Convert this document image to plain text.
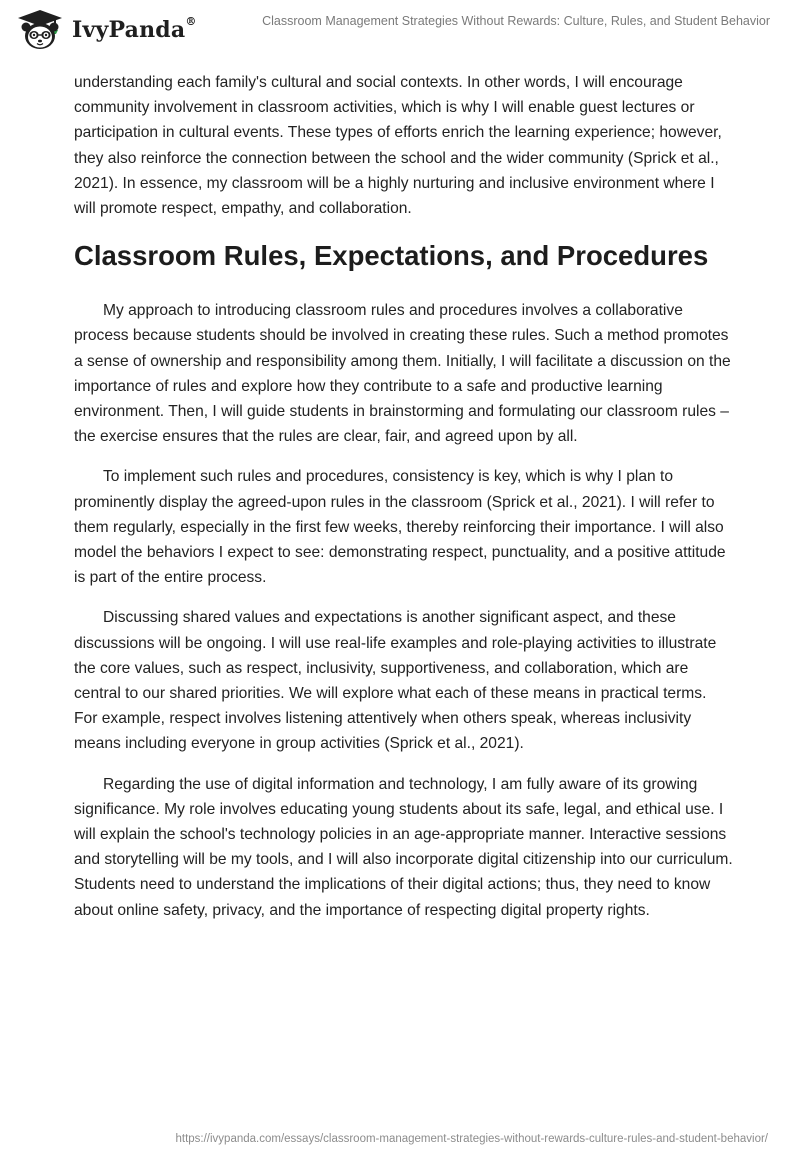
IvyPanda®	Classroom Management Strategies Without Rewards: Culture, Rules, and Student Behavior

understanding each family's cultural and social contexts. In other words, I will encourage community involvement in classroom activities, which is why I will enable guest lectures or participation in cultural events. These types of efforts enrich the learning experience; however, they also reinforce the connection between the school and the wider community (Sprick et al., 2021). In essence, my classroom will be a highly nurturing and inclusive environment where I will promote respect, empathy, and collaboration.

Classroom Rules, Expectations, and Procedures

My approach to introducing classroom rules and procedures involves a collaborative process because students should be involved in creating these rules. Such a method promotes a sense of ownership and responsibility among them. Initially, I will facilitate a discussion on the importance of rules and explore how they contribute to a safe and productive learning environment. Then, I will guide students in brainstorming and formulating our classroom rules – the exercise ensures that the rules are clear, fair, and agreed upon by all.

To implement such rules and procedures, consistency is key, which is why I plan to prominently display the agreed-upon rules in the classroom (Sprick et al., 2021). I will refer to them regularly, especially in the first few weeks, thereby reinforcing their importance. I will also model the behaviors I expect to see: demonstrating respect, punctuality, and a positive attitude is part of the entire process.

Discussing shared values and expectations is another significant aspect, and these discussions will be ongoing. I will use real-life examples and role-playing activities to illustrate the core values, such as respect, inclusivity, supportiveness, and collaboration, which are central to our shared priorities. We will explore what each of these means in practical terms. For example, respect involves listening attentively when others speak, whereas inclusivity means including everyone in group activities (Sprick et al., 2021).

Regarding the use of digital information and technology, I am fully aware of its growing significance. My role involves educating young students about its safe, legal, and ethical use. I will explain the school's technology policies in an age-appropriate manner. Interactive sessions and storytelling will be my tools, and I will also incorporate digital citizenship into our curriculum. Students need to understand the implications of their digital actions; thus, they need to know about online safety, privacy, and the importance of respecting digital property rights.

https://ivypanda.com/essays/classroom-management-strategies-without-rewards-culture-rules-and-student-behavior/
